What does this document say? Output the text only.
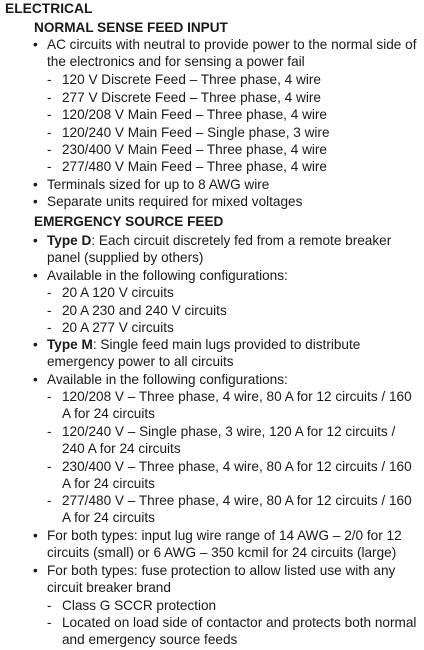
ELECTRICAL
NORMAL SENSE FEED INPUT
• AC circuits with neutral to provide power to the normal side of the electronics and for sensing a power fail
- 120 V Discrete Feed – Three phase, 4 wire
- 277 V Discrete Feed – Three phase, 4 wire
- 120/208 V Main Feed – Three phase, 4 wire
- 120/240 V Main Feed – Single phase, 3 wire
- 230/400 V Main Feed – Three phase, 4 wire
- 277/480 V Main Feed – Three phase, 4 wire
• Terminals sized for up to 8 AWG wire
• Separate units required for mixed voltages
EMERGENCY SOURCE FEED
• Type D: Each circuit discretely fed from a remote breaker panel (supplied by others)
• Available in the following configurations:
- 20 A 120 V circuits
- 20 A 230 and 240 V circuits
- 20 A 277 V circuits
• Type M: Single feed main lugs provided to distribute emergency power to all circuits
• Available in the following configurations:
- 120/208 V – Three phase, 4 wire, 80 A for 12 circuits / 160 A for 24 circuits
- 120/240 V – Single phase, 3 wire, 120 A for 12 circuits / 240 A for 24 circuits
- 230/400 V – Three phase, 4 wire, 80 A for 12 circuits / 160 A for 24 circuits
- 277/480 V – Three phase, 4 wire, 80 A for 12 circuits / 160 A for 24 circuits
• For both types: input lug wire range of 14 AWG – 2/0 for 12 circuits (small) or 6 AWG – 350 kcmil for 24 circuits (large)
• For both types: fuse protection to allow listed use with any circuit breaker brand
- Class G SCCR protection
- Located on load side of contactor and protects both normal and emergency source feeds
